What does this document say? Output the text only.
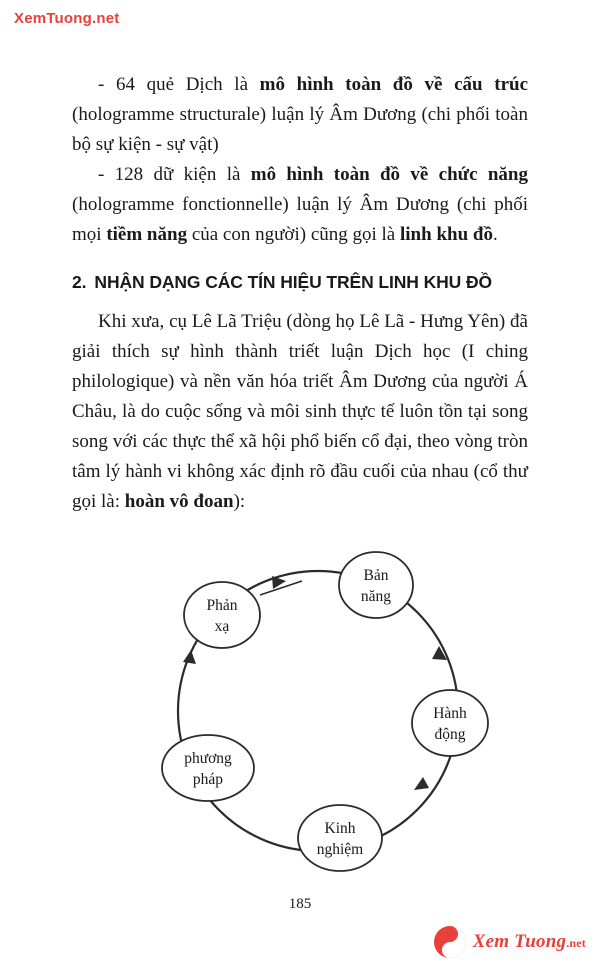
XemTuong.net

- 64 quẻ Dịch là mô hình toàn đồ về cấu trúc (hologramme structurale) luận lý Âm Dương (chi phối toàn bộ sự kiện - sự vật)

- 128 dữ kiện là mô hình toàn đồ về chức năng (hologramme fonctionnelle) luận lý Âm Dương (chi phối mọi tiềm năng của con người) cũng gọi là linh khu đồ.

2. NHẬN DẠNG CÁC TÍN HIỆU TRÊN LINH KHU ĐỒ

Khi xưa, cụ Lê Lã Triệu (dòng họ Lê Lã - Hưng Yên) đã giải thích sự hình thành triết luận Dịch học (I ching philologique) và nền văn hóa triết Âm Dương của người Á Châu, là do cuộc sống và môi sinh thực tế luôn tồn tại song song với các thực thể xã hội phổ biến cổ đại, theo vòng tròn tâm lý hành vi không xác định rõ đầu cuối của nhau (cổ thư gọi là: hoàn vô đoan):

Bản
năng
Hành
động
Kinh
nghiệm
phương
pháp
Phản
xạ
185
Xem Tuong.net
